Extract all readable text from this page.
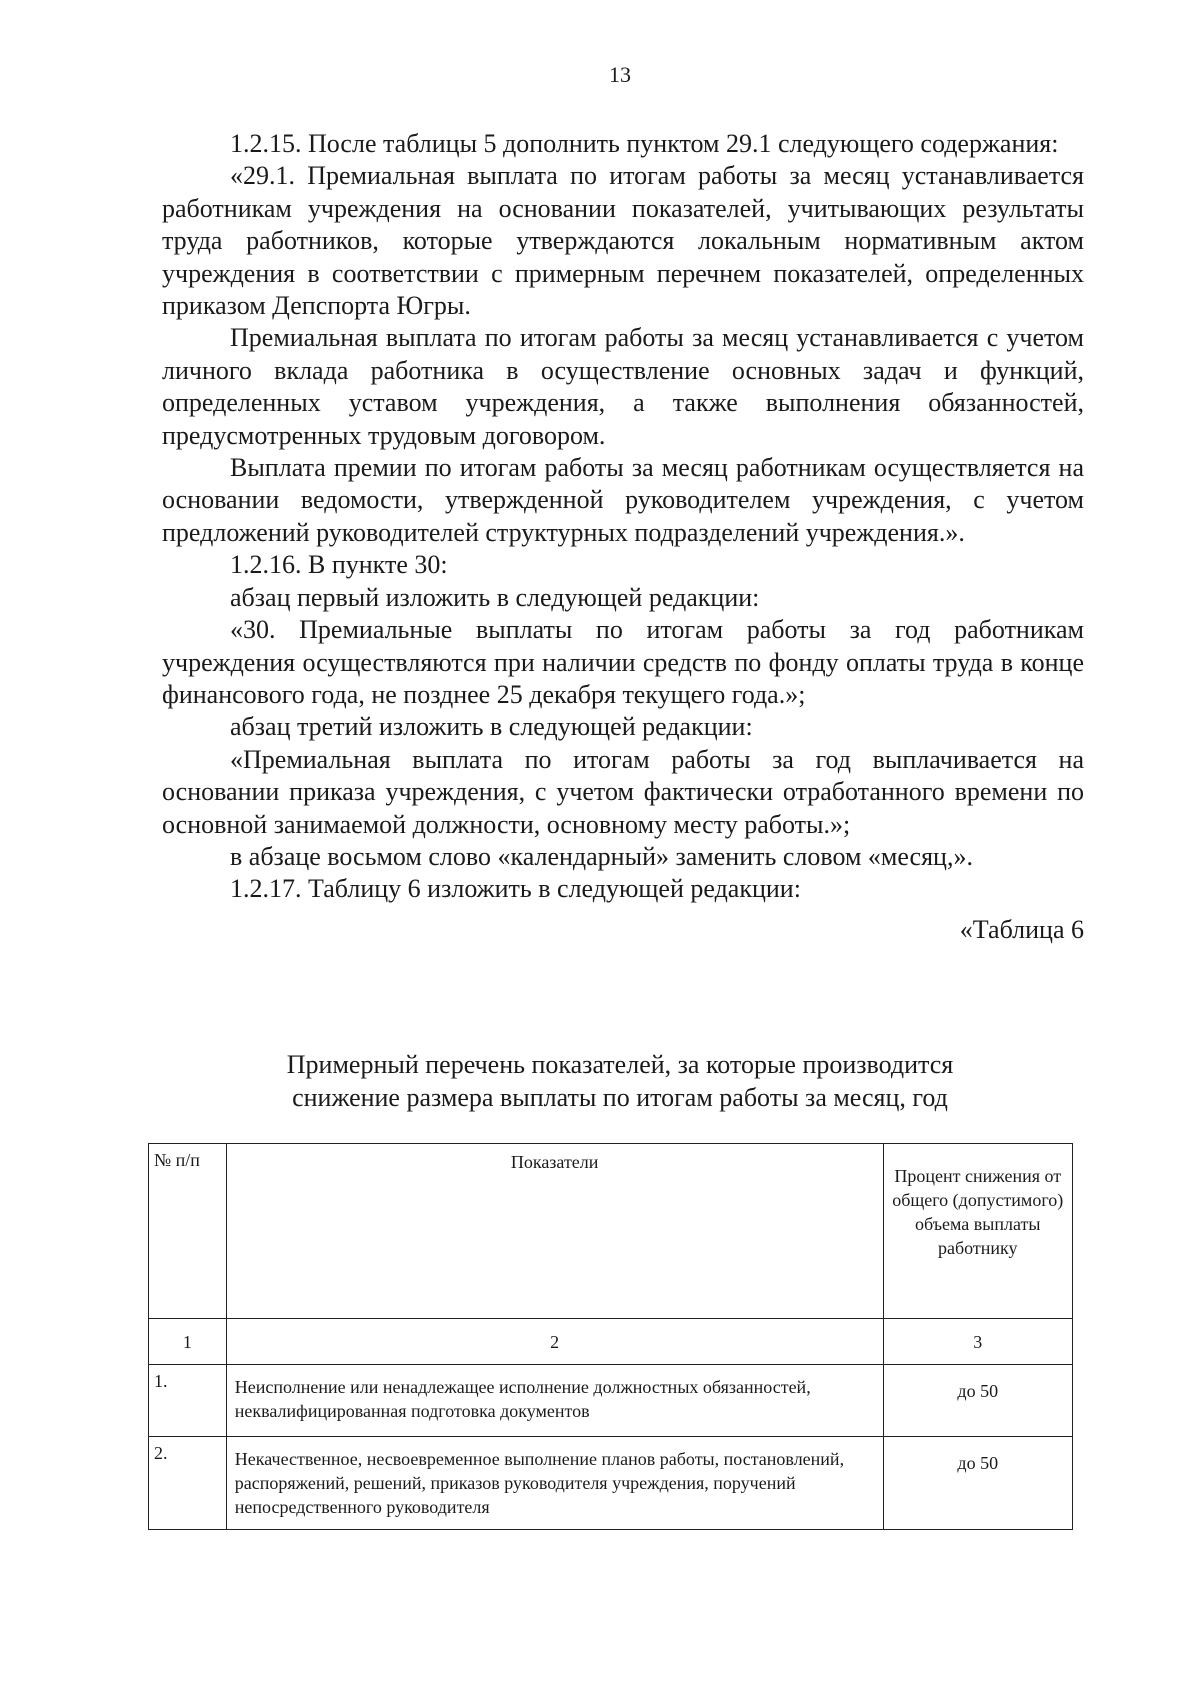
13

1.2.15. После таблицы 5 дополнить пунктом 29.1 следующего содержания:

«29.1. Премиальная выплата по итогам работы за месяц устанавливается работникам учреждения на основании показателей, учитывающих результаты труда работников, которые утверждаются локальным нормативным актом учреждения в соответствии с примерным перечнем показателей, определенных приказом Депспорта Югры.

Премиальная выплата по итогам работы за месяц устанавливается с учетом личного вклада работника в осуществление основных задач и функций, определенных уставом учреждения, а также выполнения обязанностей, предусмотренных трудовым договором.

Выплата премии по итогам работы за месяц работникам осуществляется на основании ведомости, утвержденной руководителем учреждения, с учетом предложений руководителей структурных подразделений учреждения.».

1.2.16. В пункте 30:

абзац первый изложить в следующей редакции:

«30. Премиальные выплаты по итогам работы за год работникам учреждения осуществляются при наличии средств по фонду оплаты труда в конце финансового года, не позднее 25 декабря текущего года.»;

абзац третий изложить в следующей редакции:

«Премиальная выплата по итогам работы за год выплачивается на основании приказа учреждения, с учетом фактически отработанного времени по основной занимаемой должности, основному месту работы.»;

в абзаце восьмом слово «календарный» заменить словом «месяц,».

1.2.17. Таблицу 6 изложить в следующей редакции:

«Таблица 6

Примерный перечень показателей, за которые производится
снижение размера выплаты по итогам работы за месяц, год
№ п/п	Показатели	Процент снижения от общего (допустимого) объема выплаты работнику
1	2	3
1.	Неисполнение или ненадлежащее исполнение должностных обязанностей, неквалифицированная подготовка документов	до 50
2.	Некачественное, несвоевременное выполнение планов работы, постановлений, распоряжений, решений, приказов руководителя учреждения, поручений непосредственного руководителя	до 50
